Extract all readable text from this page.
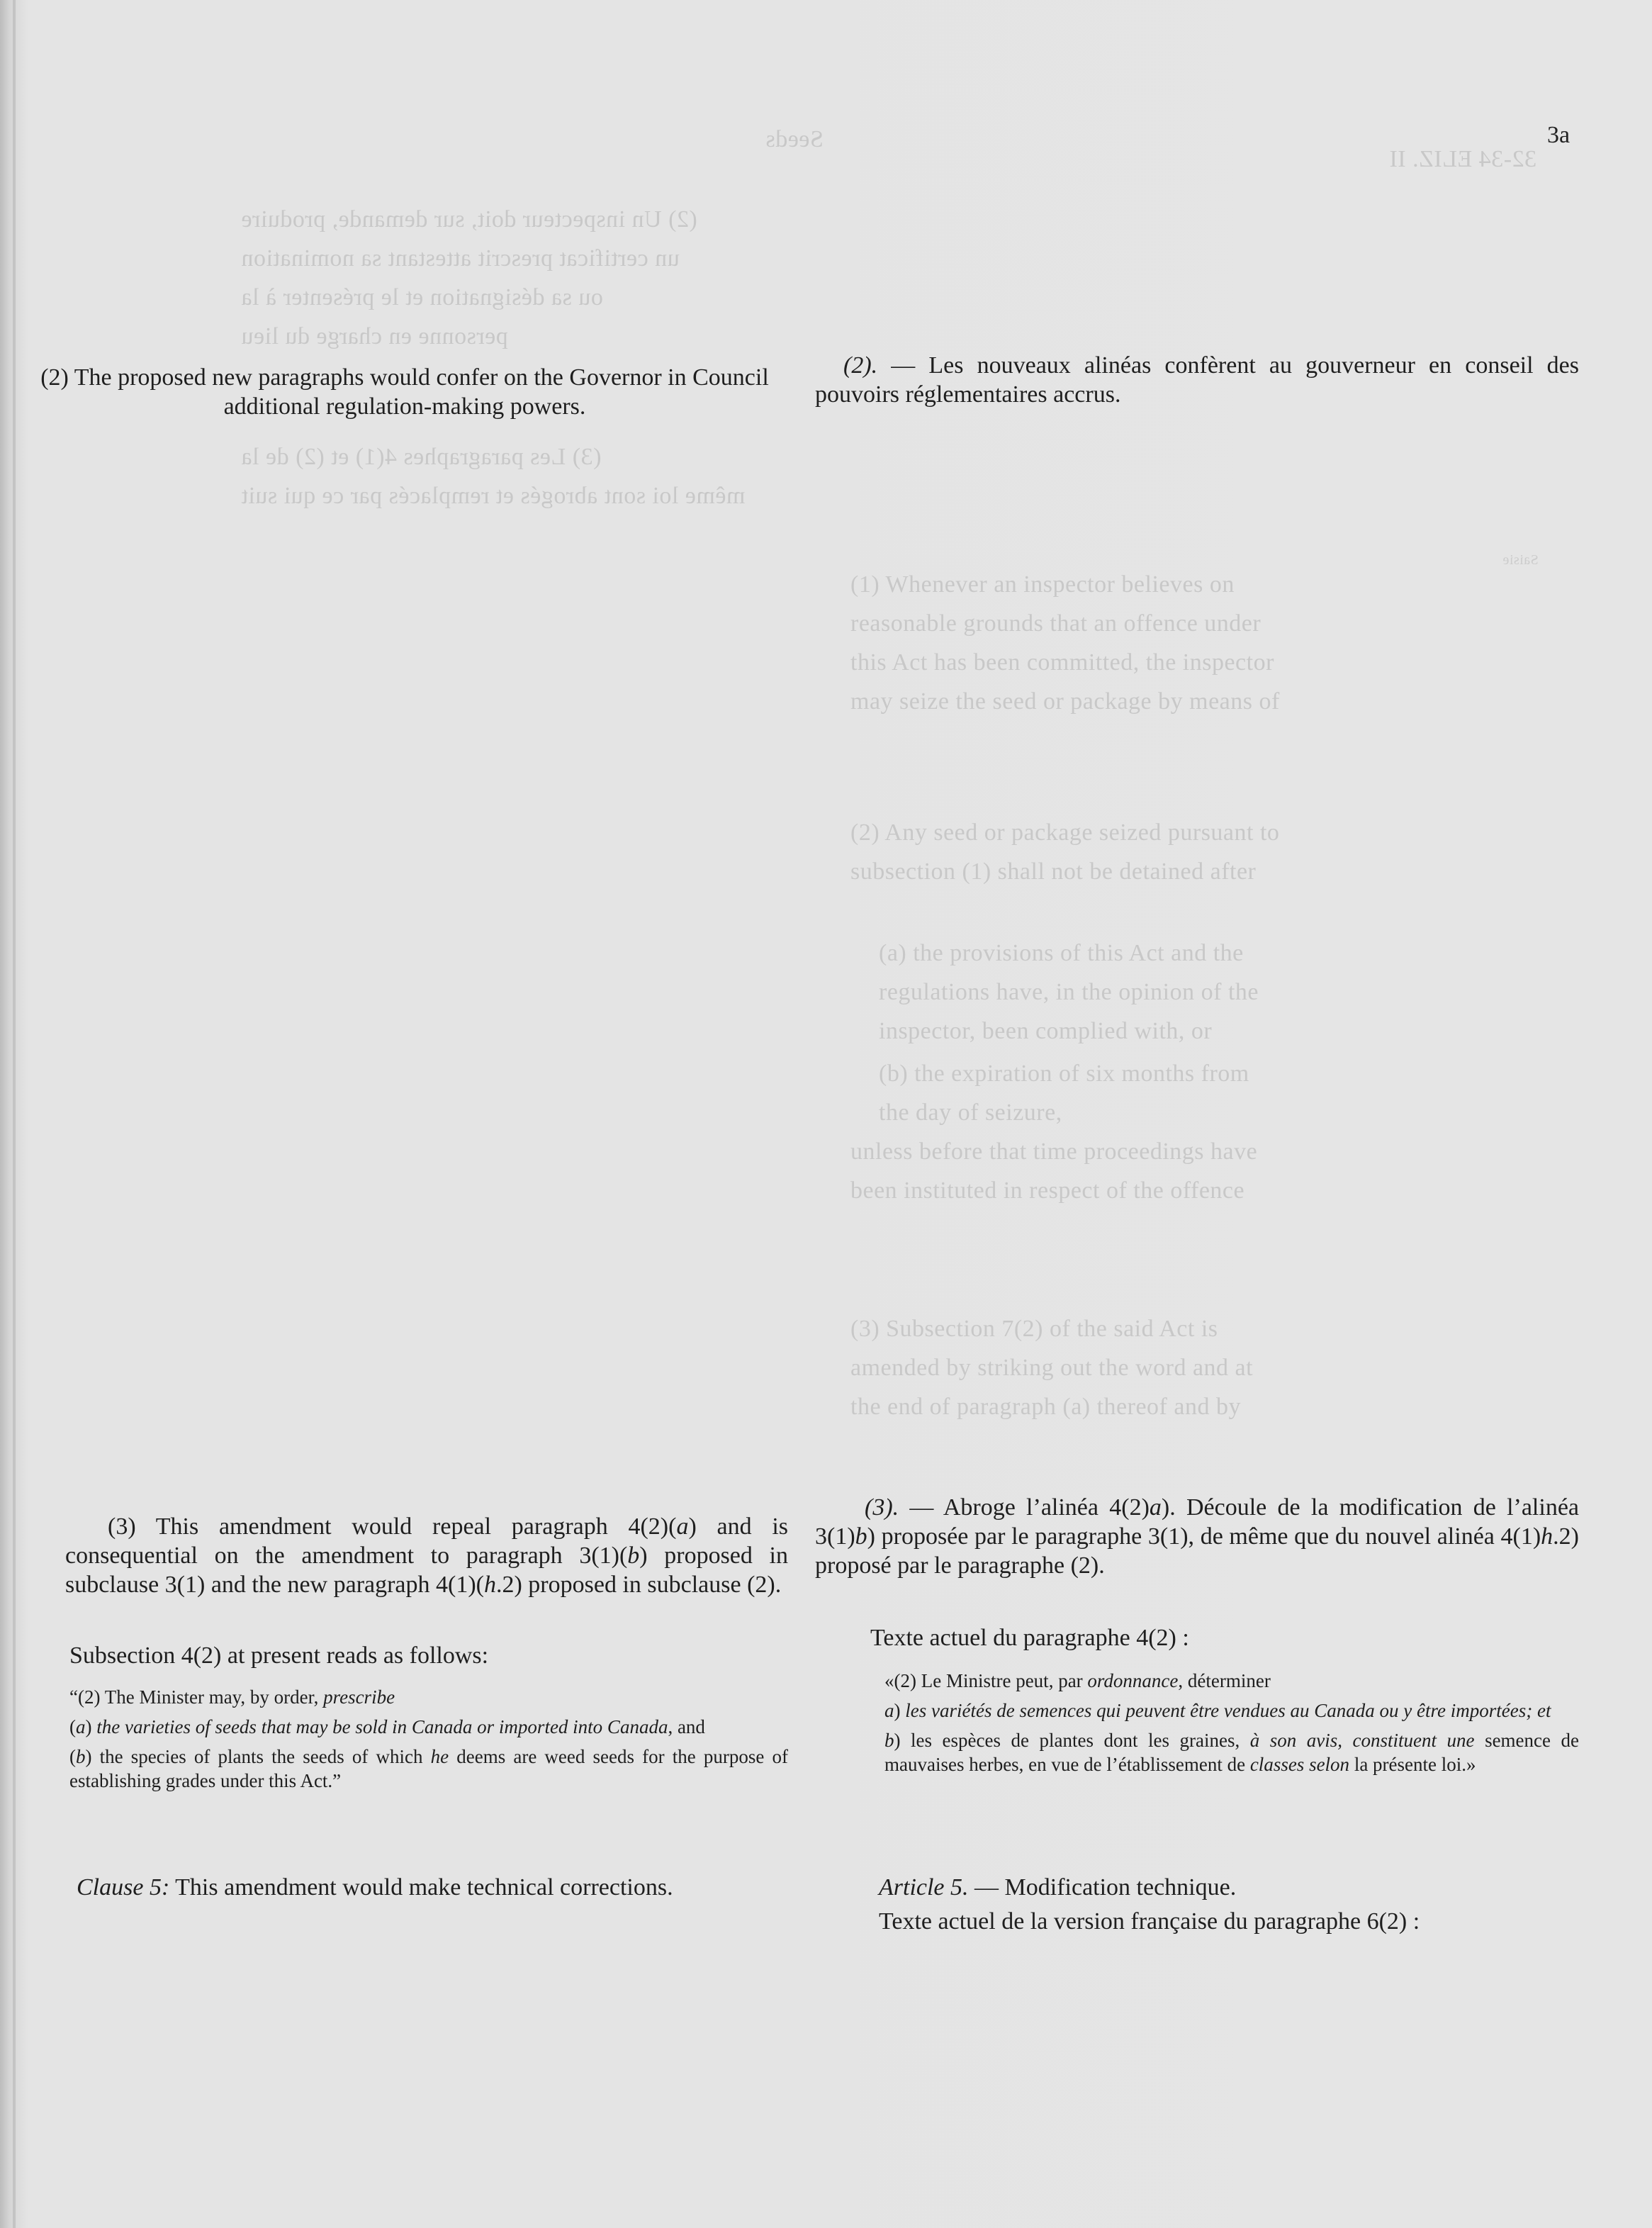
32-34 ELIZ. II
Seeds
(2) Un inspecteur doit, sur demande, produire
un certificat prescrit attestant sa nomination
ou sa désignation et le présenter à la
personne en charge du lieu
(3) Les paragraphes 4(1) et (2) de la
même loi sont abrogés et remplacés par ce qui suit
Saisie
(1) Whenever an inspector believes on
reasonable grounds that an offence under
this Act has been committed, the inspector
may seize the seed or package by means of
(2) Any seed or package seized pursuant to
subsection (1) shall not be detained after
(a) the provisions of this Act and the
regulations have, in the opinion of the
inspector, been complied with, or
(b) the expiration of six months from
the day of seizure,
unless before that time proceedings have
been instituted in respect of the offence
(3) Subsection 7(2) of the said Act is
amended by striking out the word and at
the end of paragraph (a) thereof and by
3a

(2) The proposed new paragraphs would confer on the Governor in Council additional regulation-making powers.

(3) This amendment would repeal paragraph 4(2)(a) and is consequential on the amendment to paragraph 3(1)(b) proposed in subclause 3(1) and the new paragraph 4(1)(h.2) proposed in subclause (2).

Subsection 4(2) at present reads as follows:

“(2) The Minister may, by order, prescribe

(a) the varieties of seeds that may be sold in Canada or imported into Canada, and

(b) the species of plants the seeds of which he deems are weed seeds for the purpose of establishing grades under this Act.”

Clause 5: This amendment would make technical corrections.

(2). — Les nouveaux alinéas confèrent au gouverneur en conseil des pouvoirs réglementaires accrus.

(3). — Abroge l’alinéa 4(2)a). Découle de la modification de l’alinéa 3(1)b) proposée par le paragraphe 3(1), de même que du nouvel alinéa 4(1)h.2) proposé par le paragraphe (2).

Texte actuel du paragraphe 4(2) :

«(2) Le Ministre peut, par ordonnance, déterminer

a) les variétés de semences qui peuvent être vendues au Canada ou y être importées; et

b) les espèces de plantes dont les graines, à son avis, constituent une semence de mauvaises herbes, en vue de l’établissement de classes selon la présente loi.»

Article 5. — Modification technique.

Texte actuel de la version française du paragraphe 6(2) :
